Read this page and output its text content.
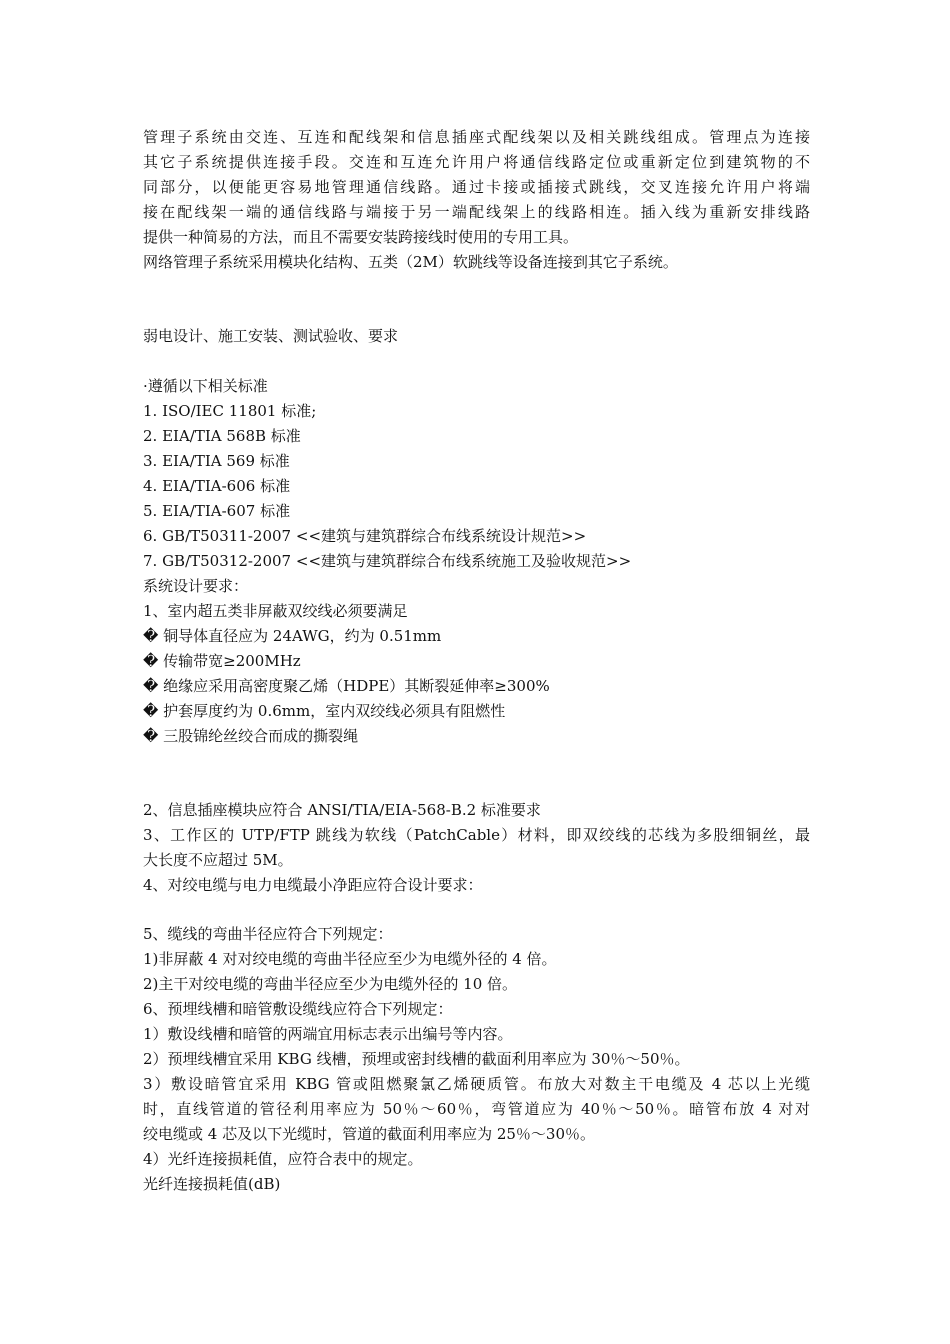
管理子系统由交连、互连和配线架和信息插座式配线架以及相关跳线组成。管理点为连接
其它子系统提供连接手段。交连和互连允许用户将通信线路定位或重新定位到建筑物的不
同部分，以便能更容易地管理通信线路。通过卡接或插接式跳线，交叉连接允许用户将端
接在配线架一端的通信线路与端接于另一端配线架上的线路相连。插入线为重新安排线路
提供一种简易的方法，而且不需要安装跨接线时使用的专用工具。
网络管理子系统采用模块化结构、五类（2M）软跳线等设备连接到其它子系统。
弱电设计、施工安装、测试验收、要求
·遵循以下相关标准
1. ISO/IEC 11801 标准;
2. EIA/TIA 568B 标准
3. EIA/TIA 569 标准
4. EIA/TIA-606 标准
5. EIA/TIA-607 标准
6. GB/T50311-2007 <<建筑与建筑群综合布线系统设计规范>>
7. GB/T50312-2007 <<建筑与建筑群综合布线系统施工及验收规范>>
系统设计要求：
1、室内超五类非屏蔽双绞线必须要满足
� 铜导体直径应为 24AWG，约为 0.51mm
� 传输带宽≥200MHz
� 绝缘应采用高密度聚乙烯（HDPE）其断裂延伸率≥300%
� 护套厚度约为 0.6mm，室内双绞线必须具有阻燃性
� 三股锦纶丝绞合而成的撕裂绳
2、信息插座模块应符合 ANSI/TIA/EIA-568-B.2 标准要求
3、工作区的 UTP/FTP 跳线为软线（PatchCable）材料，即双绞线的芯线为多股细铜丝，最
大长度不应超过 5M。
4、对绞电缆与电力电缆最小净距应符合设计要求：
5、缆线的弯曲半径应符合下列规定：
1)非屏蔽 4 对对绞电缆的弯曲半径应至少为电缆外径的 4 倍。
2)主干对绞电缆的弯曲半径应至少为电缆外径的 10 倍。
6、预埋线槽和暗管敷设缆线应符合下列规定：
1）敷设线槽和暗管的两端宜用标志表示出编号等内容。
2）预埋线槽宜采用 KBG 线槽，预埋或密封线槽的截面利用率应为 30％～50％。
3）敷设暗管宜采用 KBG 管或阻燃聚氯乙烯硬质管。布放大对数主干电缆及 4 芯以上光缆
时，直线管道的管径利用率应为 50％～60％，弯管道应为 40％～50％。暗管布放 4 对对
绞电缆或 4 芯及以下光缆时，管道的截面利用率应为 25％～30％。
4）光纤连接损耗值，应符合表中的规定。
光纤连接损耗值(dB)
